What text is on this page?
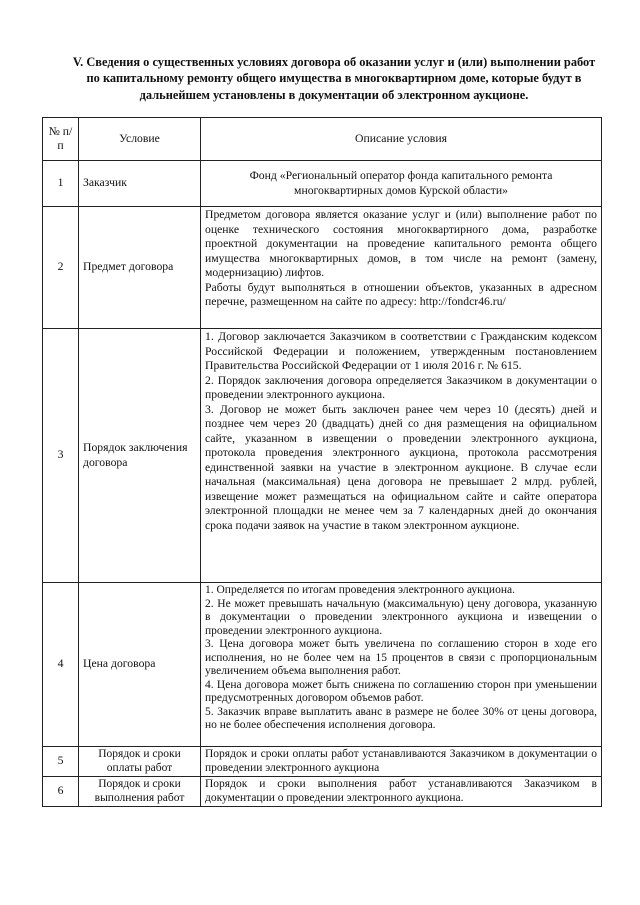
V. Сведения о существенных условиях договора об оказании услуг и (или) выполнении работ по капитальному ремонту общего имущества в многоквартирном доме, которые будут в дальнейшем установлены в документации об электронном аукционе.

№ п/п	Условие	Описание условия
1	Заказчик	Фонд «Региональный оператор фонда капитального ремонта многоквартирных домов Курской области»

2	Предмет договора	Предметом договора является оказание услуг и (или) выполнение работ по оценке технического состояния многоквартирного дома, разработке проектной документации на проведение капитального ремонта общего имущества многоквартирных домов, в том числе на ремонт (замену, модернизацию) лифтов.

Работы будут выполняться в отношении объектов, указанных в адресном перечне, размещенном на сайте по адресу: http://fondcr46.ru/

3	Порядок заключения договора	1. Договор заключается Заказчиком в соответствии с Гражданским кодексом Российской Федерации и положением, утвержденным постановлением Правительства Российской Федерации от 1 июля 2016 г. № 615.

2. Порядок заключения договора определяется Заказчиком в документации о проведении электронного аукциона.

3. Договор не может быть заключен ранее чем через 10 (десять) дней и позднее чем через 20 (двадцать) дней со дня размещения на официальном сайте, указанном в извещении о проведении электронного аукциона, протокола проведения электронного аукциона, протокола рассмотрения единственной заявки на участие в электронном аукционе. В случае если начальная (максимальная) цена договора не превышает 2 млрд. рублей, извещение может размещаться на официальном сайте и сайте оператора электронной площадки не менее чем за 7 календарных дней до окончания срока подачи заявок на участие в таком электронном аукционе.

4	Цена договора	1. Определяется по итогам проведения электронного аукциона.

2. Не может превышать начальную (максимальную) цену договора, указанную в документации о проведении электронного аукциона и извещении о проведении электронного аукциона.

3. Цена договора может быть увеличена по соглашению сторон в ходе его исполнения, но не более чем на 15 процентов в связи с пропорциональным увеличением объема выполнения работ.

4. Цена договора может быть снижена по соглашению сторон при уменьшении предусмотренных договором объемов работ.

5. Заказчик вправе выплатить аванс в размере не более 30% от цены договора, но не более обеспечения исполнения договора.

5	Порядок и сроки оплаты работ	Порядок и сроки оплаты работ устанавливаются Заказчиком в документации о проведении электронного аукциона

6	Порядок и сроки выполнения работ	Порядок и сроки выполнения работ устанавливаются Заказчиком в документации о проведении электронного аукциона.
